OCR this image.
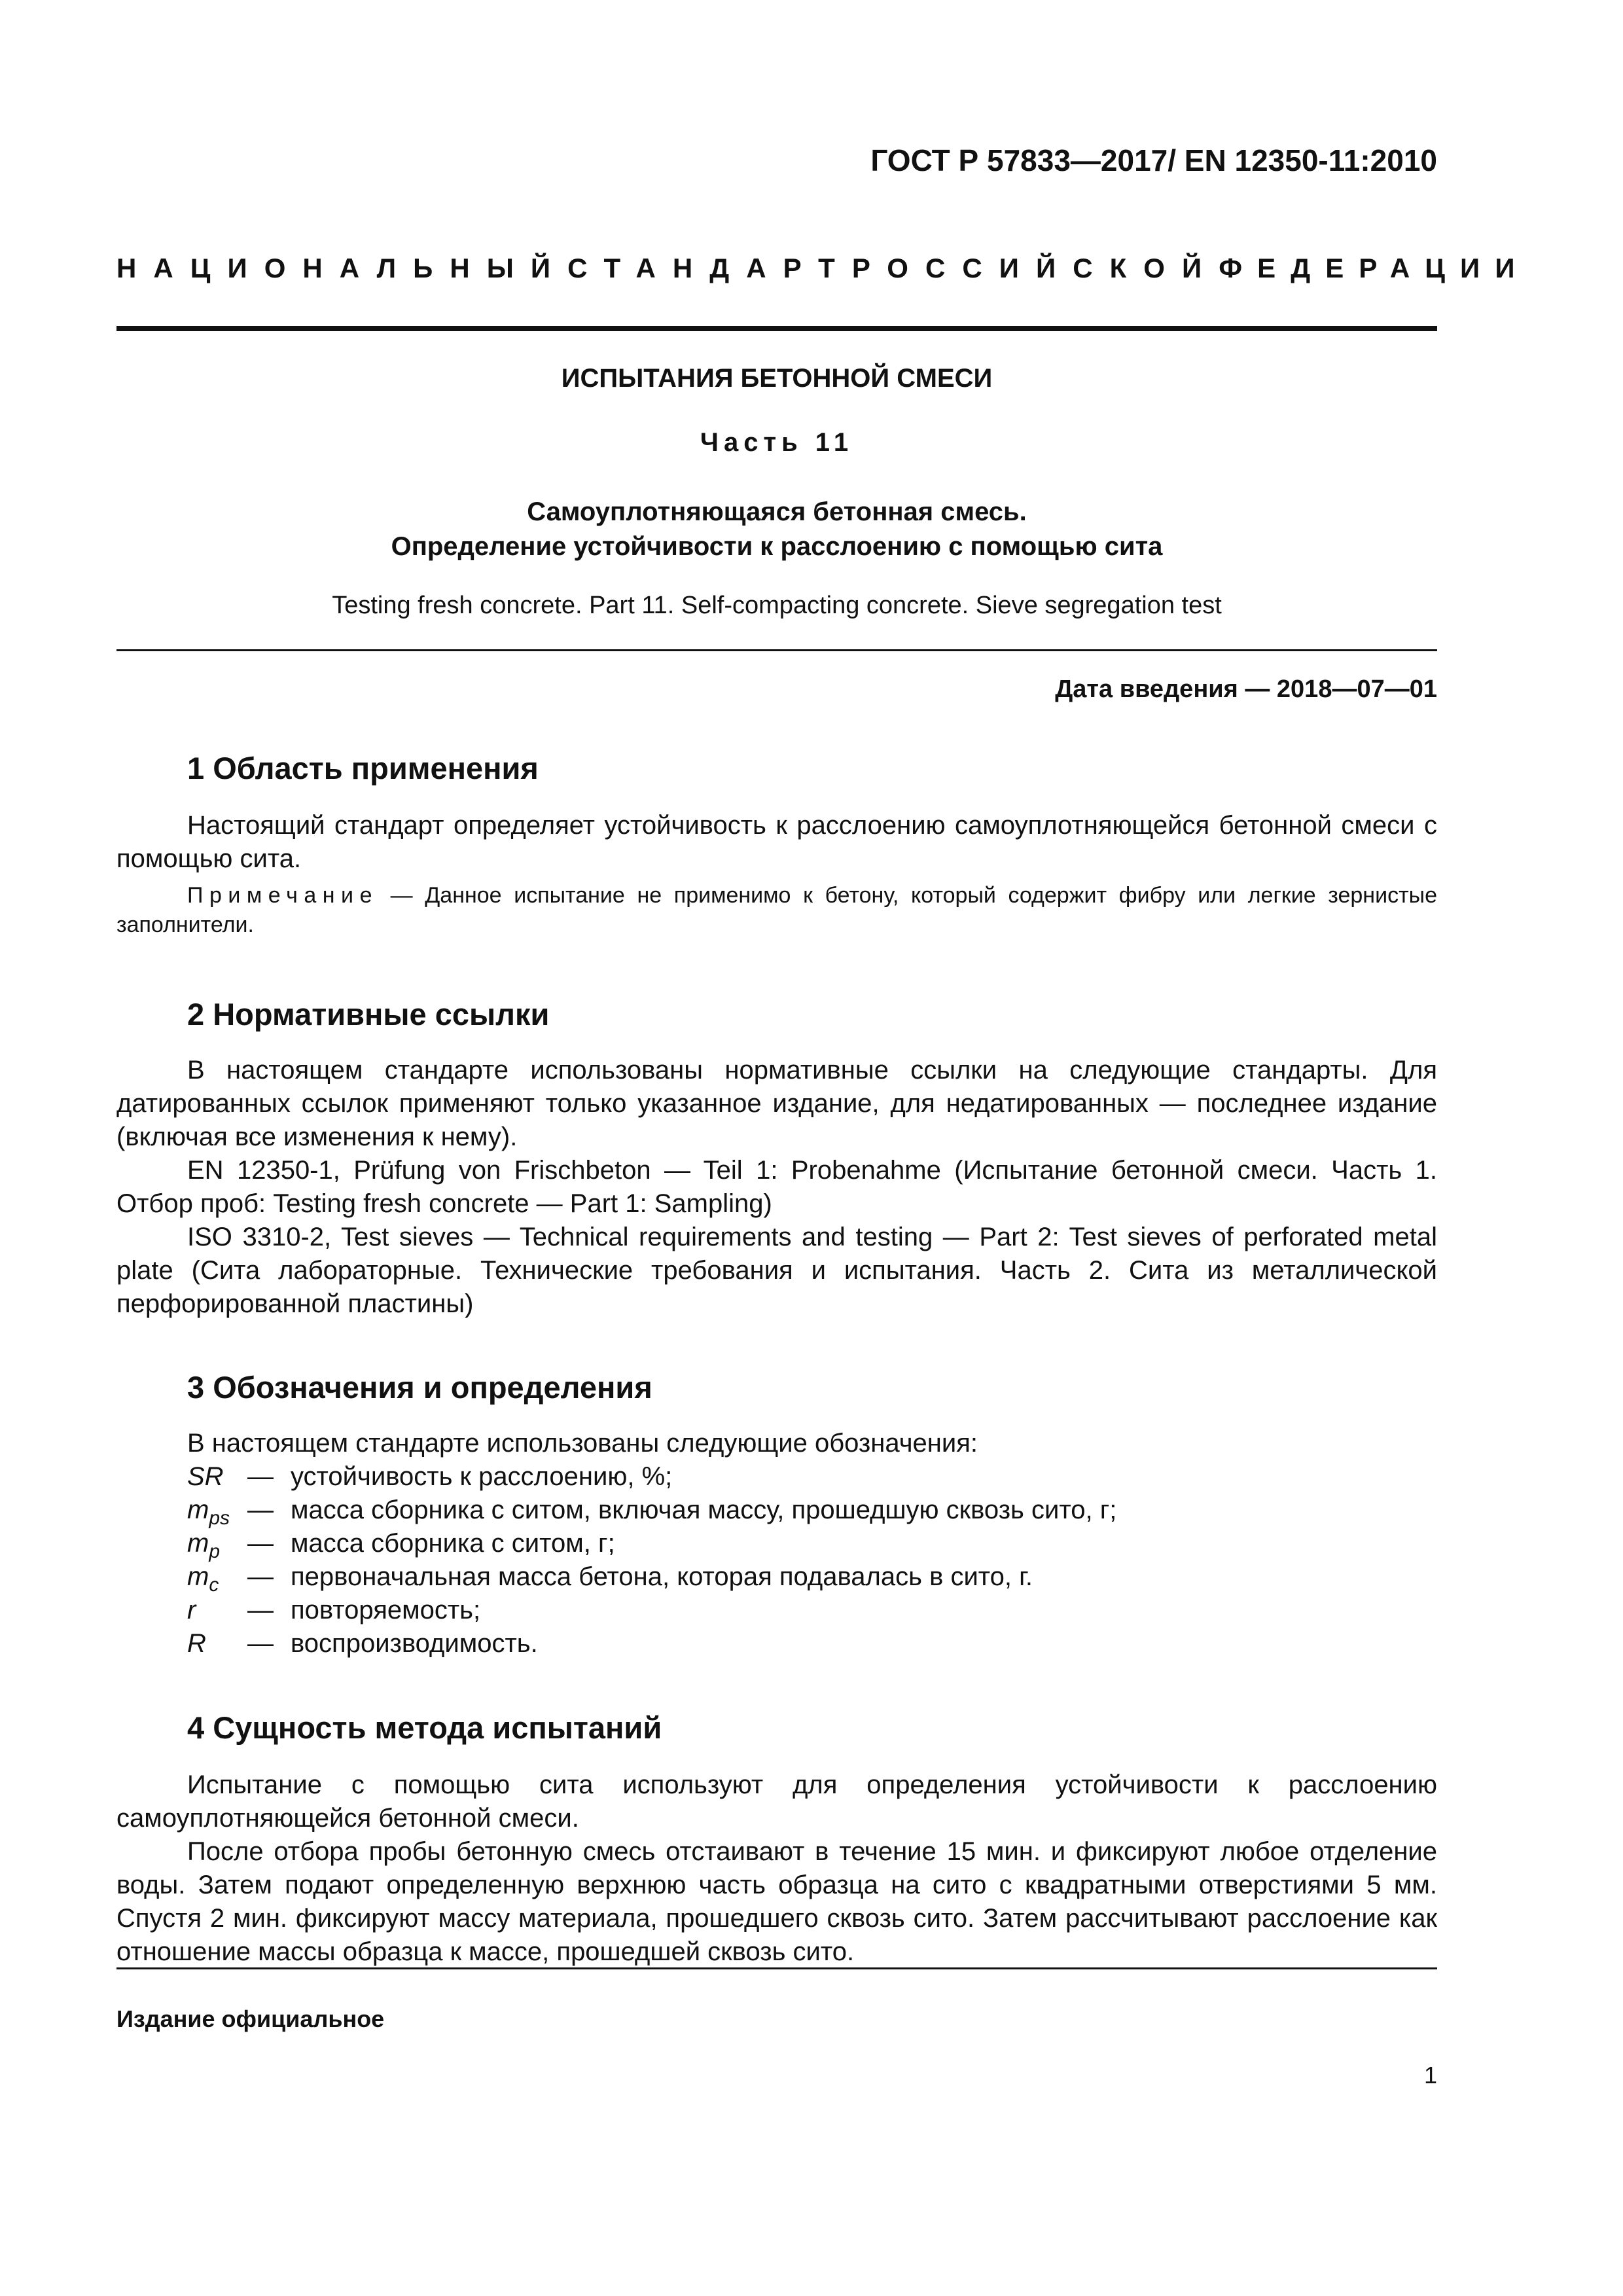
ГОСТ Р 57833—2017/ EN 12350-11:2010
НАЦИОНАЛЬНЫЙ СТАНДАРТ РОССИЙСКОЙ ФЕДЕРАЦИИ
ИСПЫТАНИЯ БЕТОННОЙ СМЕСИ
Часть 11
Самоуплотняющаяся бетонная смесь.
Определение устойчивости к расслоению с помощью сита
Testing fresh concrete. Part 11. Self-compacting concrete. Sieve segregation test
Дата введения — 2018—07—01
1 Область применения
Настоящий стандарт определяет устойчивость к расслоению самоуплотняющейся бетонной смеси с помощью сита.
Примечание — Данное испытание не применимо к бетону, который содержит фибру или легкие зернистые заполнители.
2 Нормативные ссылки
В настоящем стандарте использованы нормативные ссылки на следующие стандарты. Для датированных ссылок применяют только указанное издание, для недатированных — последнее издание (включая все изменения к нему).
EN 12350-1, Prüfung von Frischbeton — Teil 1: Probenahme (Испытание бетонной смеси. Часть 1. Отбор проб: Testing fresh concrete — Part 1: Sampling)
ISO 3310-2, Test sieves — Technical requirements and testing — Part 2: Test sieves of perforated metal plate (Сита лабораторные. Технические требования и испытания. Часть 2. Сита из металлической перфорированной пластины)
3 Обозначения и определения
В настоящем стандарте использованы следующие обозначения:
SR — устойчивость к расслоению, %;
$m_{ps}$ — масса сборника с ситом, включая массу, прошедшую сквозь сито, г;
$m_p$ — масса сборника с ситом, г;
$m_c$ — первоначальная масса бетона, которая подавалась в сито, г.
r — повторяемость;
R — воспроизводимость.
4 Сущность метода испытаний
Испытание с помощью сита используют для определения устойчивости к расслоению самоуплотняющейся бетонной смеси.
После отбора пробы бетонную смесь отстаивают в течение 15 мин. и фиксируют любое отделение воды. Затем подают определенную верхнюю часть образца на сито с квадратными отверстиями 5 мм. Спустя 2 мин. фиксируют массу материала, прошедшего сквозь сито. Затем рассчитывают расслоение как отношение массы образца к массе, прошедшей сквозь сито.
Издание официальное
1
